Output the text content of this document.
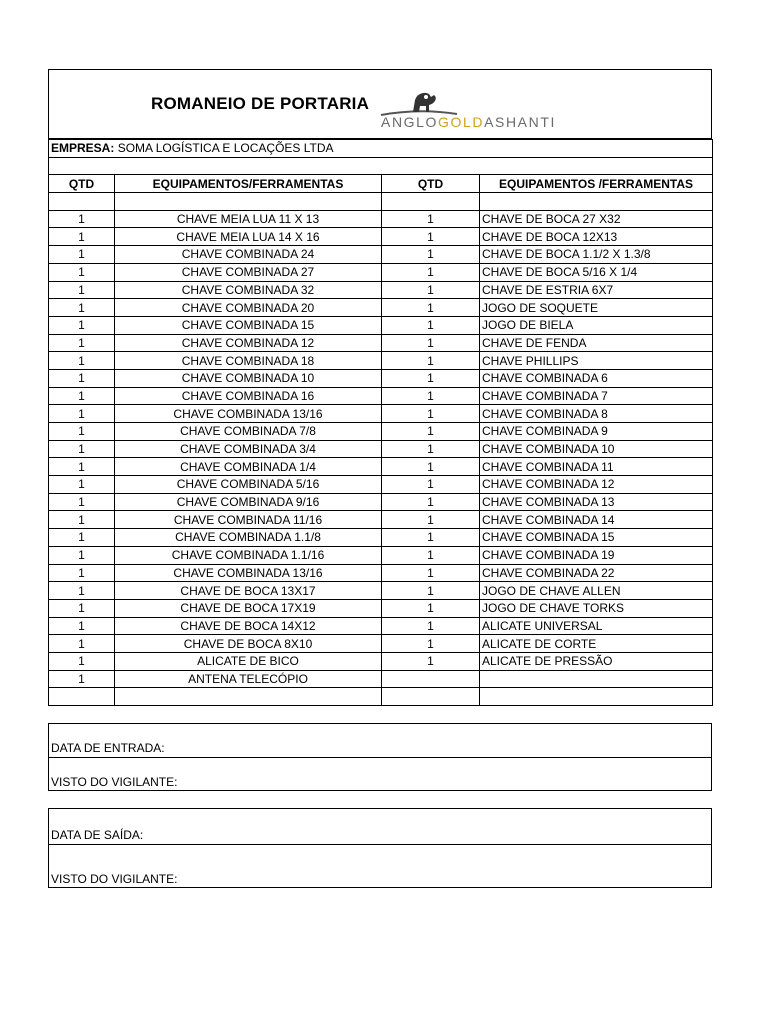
ROMANEIO DE PORTARIA
ANGLOGOLDASHANTI
EMPRESA: SOMA LOGÍSTICA E LOCAÇÕES LTDA			

QTD	EQUIPAMENTOS/FERRAMENTAS	QTD	EQUIPAMENTOS /FERRAMENTAS

1	CHAVE MEIA LUA 11 X 13	1	CHAVE DE BOCA 27 X32
1	CHAVE MEIA LUA 14 X 16	1	CHAVE DE BOCA 12X13
1	CHAVE COMBINADA 24	1	CHAVE DE BOCA 1.1/2 X 1.3/8
1	CHAVE COMBINADA 27	1	CHAVE DE BOCA 5/16 X 1/4
1	CHAVE COMBINADA 32	1	CHAVE DE ESTRIA 6X7
1	CHAVE COMBINADA 20	1	JOGO DE SOQUETE
1	CHAVE COMBINADA 15	1	JOGO DE BIELA
1	CHAVE COMBINADA 12	1	CHAVE DE FENDA
1	CHAVE COMBINADA 18	1	CHAVE PHILLIPS
1	CHAVE COMBINADA 10	1	CHAVE COMBINADA 6
1	CHAVE COMBINADA 16	1	CHAVE COMBINADA 7
1	CHAVE COMBINADA 13/16	1	CHAVE COMBINADA 8
1	CHAVE COMBINADA 7/8	1	CHAVE COMBINADA 9
1	CHAVE COMBINADA 3/4	1	CHAVE COMBINADA 10
1	CHAVE COMBINADA 1/4	1	CHAVE COMBINADA 11
1	CHAVE COMBINADA 5/16	1	CHAVE COMBINADA 12
1	CHAVE COMBINADA 9/16	1	CHAVE COMBINADA 13
1	CHAVE COMBINADA 11/16	1	CHAVE COMBINADA 14
1	CHAVE COMBINADA 1.1/8	1	CHAVE COMBINADA 15
1	CHAVE COMBINADA 1.1/16	1	CHAVE COMBINADA 19
1	CHAVE COMBINADA 13/16	1	CHAVE COMBINADA 22
1	CHAVE DE BOCA 13X17	1	JOGO DE CHAVE ALLEN
1	CHAVE DE BOCA 17X19	1	JOGO DE CHAVE TORKS
1	CHAVE DE BOCA 14X12	1	ALICATE UNIVERSAL
1	CHAVE DE BOCA 8X10	1	ALICATE DE CORTE
1	ALICATE DE BICO	1	ALICATE DE PRESSÃO
1	ANTENA TELECÓPIO		

DATA DE ENTRADA:
VISTO DO VIGILANTE:
DATA DE SAÍDA:
VISTO DO VIGILANTE:
